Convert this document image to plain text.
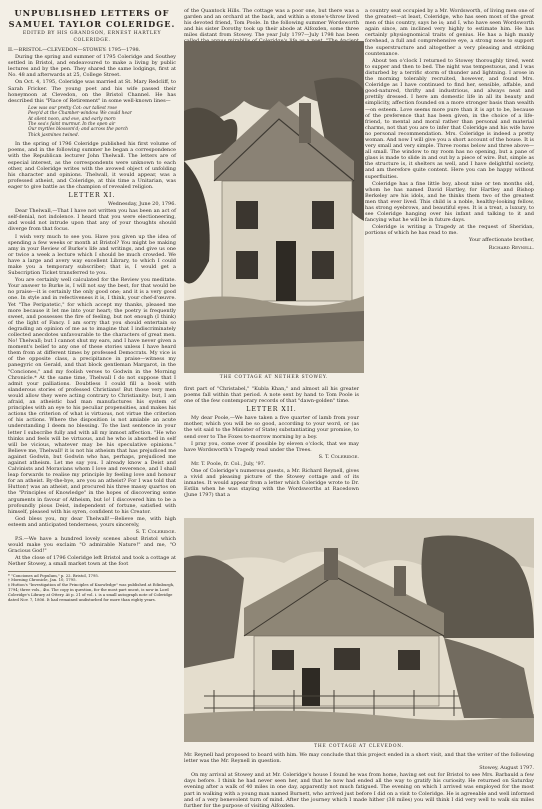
UNPUBLISHED LETTERS OF SAMUEL TAYLOR COLERIDGE.
EDITED BY HIS GRANDSON, ERNEST HARTLEY COLERIDGE.

II.—BRISTOL—CLEVEDON—STOWEY: 1795—1798.

During the spring and summer of 1795 Coleridge and Southey settled in Bristol, and endeavoured to make a living by public lectures and by the pen. They shared the same lodgings, first at No. 48 and afterwards at 25, College Street.

On Oct. 4, 1795, Coleridge was married at St. Mary Redcliff, to Sarah Fricker. The young poet and his wife passed their honeymoon at Clevedon, on the Bristol Channel. He has described this "Place of Retirement" in some well-known lines—

Low was our pretty Cot: our tallest rose
Peep'd at the Chamber-window. We could hear
At silent noon, and eve, and early morn
The sea's faint murmur. In the open air
Our myrtles blossom'd; and across the porch
Thick jasmines twined.

In the spring of 1796 Coleridge published his first volume of poems, and in the following summer he began a correspondence with the Republican lecturer John Thelwall. The letters are of especial interest, as the correspondents were unknown to each other, and Coleridge writes with the avowed object of unfolding his character and opinions. Thelwall, it would appear, was a professed atheist, and Coleridge, at this time a Unitarian, was eager to give battle as the champion of revealed religion.

LETTER XI.

Wednesday, June 20, 1796.

Dear Thelwall,—That I have not written you has been an act of self-denial, not indolence. I heard that you were electioneering, and would not intrude upon that any of your thoughts should diverge from that focus.

I wish very much to see you. Have you given up the idea of spending a few weeks or month at Bristol? You might be making amy in your Review of Burke's life and writings, and give us one or twice a week a lecture which I should be much crowded. We have a large and avery way excellent Library, to which I could make you a temporary subscriber; that is, I would get a Subscription Ticket transferred to you.

You are certainly well calculated for the Review you meditate. Your answer to Burke is, I will not say the best, for that would be no praise—it is certainly the only good one; and it is a very good one. In style and in refectiveness it is, I think, your chef-d'œuvre. Yet "The Peripatetic," for which accept my thanks, pleased me more because it let me into your heart; the poetry is frequently sweet, and possesses the fire of feeling, but not enough (I think) of the light of Fancy. I am sorry that you should entertain so degrading an opinion of me as to imagine that I indiscriminately collected anecdotes unfavourable to the characters of great men. No! Thelwall; but I cannot shut my ears, and I have never given a moment's belief to any one of these stories unless I have heard them from at different times by professed Democrats. My vice is of the opposite class, a precipitance in praise—witness my panegyric on Gerald, and that block gentleman Margarot, in the "Conciones," and my foolish verses to Godwin in the Morning Chronicle.* At the same time, Thelwall I do not suppose that I admit your palliations. Doubtless I could fill a book with slanderous stories of professed Christians! But those very men would allow they were acting contrary to Christianity: but, I am afraid, an atheistic bad man manufactures his system of principles with an eye to his peculiar propensities, and makes his actions the criterion of what is virtuous, not virtue the criterion of his actions. Where the disposition is not amiable an acute understanding I deem no blessing. To the last sentence in your letter I subscribe fully and with all my inmost affection. "He who thinks and feels will be virtuous, and he who is absorbed in self will be vicious, whatever may be his speculative opinions." Believe me, Thelwall! it is not his atheism that has prejudiced me against Godwin, but Godwin who has, perhaps, prejudiced me against atheism. Let me say you. I already know a Deist and Calvinists and Moravians whom I love and reverence, and I shall leap forwards to realise my principle by feeling love and honour for an atheist. By-the-bye, are you an atheist? For I was told that Hutton† was an atheist, and procured his three massy quartos on the "Principles of Knowledge" in the hopes of discovering some arguments in favour of Atheism, but lo! I discovered him to be a profoundly pious Deist, independent of fortune, satisfied with himself, pleased with his syren, confident to his Creator.

God bless you, my dear Thelwall!—Believe me, with high esteem and anticipated tenderness, yours sincerely,

S. T. Coleridge.

P.S.—We have a hundred lovely scenes about Bristol which would make you exclaim "O admirable Nature!" and me, "O Gracious God!"

At the close of 1796 Coleridge left Bristol and took a cottage at Nether Stowey, a small market town at the foot

* "Conciones ad Populum," p. 22. Bristol, 1795.
† Morning Chronicle, Jan. 10, 1795.
‡ Hutton's "Investigation of the Principles of Knowledge" was published at Edinburgh, 1794; three vols., 4to. The copy in question, for the most part uncut, is now in Lord Coleridge's Library at Ottery. At p. 21 of vol. i. is a small autograph note of Coleridge dated Nov. 7, 1806. It had remained undisturbed for more than eighty years.

of the Quantock Hills. The cottage was a poor one, but there was a garden and an orchard at the back, and within a stone's-throw lived his devoted friend, Tom Poole. In the following summer Wordsworth and his sister Dorothy took up their abode at Alfoxden, some three miles distant from Stowey. The year July 1797—July 1798 has been

a country seat occupied by a Mr. Wordsworth, of living men one of the greatest—at least, Coleridge, who has seen most of the great men of this country, says he is; and I, who have seen Wordsworth again since, am inclined very highly to estimate him. He has certainly physiognomical traits of genius. He has a high manly forehead, a full and comprehensive eye, a strong nose to support the superstructure and altogether a very pleasing and striking countenance.

About ten o'clock I returned to Stowey thoroughly tired, went to supper and then to bed. The night was tempestuous, and I was disturbed by a terrific storm of thunder and lightning. I arose in the morning tolerably recruited, however, and found Mrs. Coleridge as I have continued to find her, sensible, affable, and good-natured, thrifty and industrious, and always neat and prettily dressed. I here am domestic life in all its beauty and simplicity, affection founded on a more stronger basis than wealth—on esteem. Love seems more pure than it is apt to be, because of the preference that has been given, in the choice of a life-friend, to mental and moral rather than personal and material charms, not that you are to infer that Coleridge and his wife have no personal recommendation. Mrs. Coleridge is indeed a pretty woman. And now I will give you a short account of the house. It is very small and very simple. Three rooms below and three above—all small. The window to my room has no opening, but a pane of glass is made to slide in and out by a piece of wire. But, simple as the structure is, it shelters as well, and I have delightful society, and am therefore quite content. Here you can be happy without superfluities.

Coleridge has a fine little boy, about nine or ten months old, whom he has named David Hartley, for Hartley and Bishop Berkeley are his idols, and he thinks them two of the greatest men that ever lived. This child is a noble, healthy-looking fellow, has strong eyebrows, and beautiful eyes. It is a treat, a luxury, to see Coleridge hanging over his infant and talking to it and fancying what he will be in future days.

Coleridge is writing a Tragedy at the request of Sheridan, portions of which he has read to me.

Your affectionate brother,

Richard Reynell.

THE COTTAGE AT NETHER STOWEY.

first part of "Christabel," "Kubla Khan," and almost all his greater poems fall within that period. A note sent by hand to Tom Poole is one of the few contemporary records of that "dawn-golden" time.

LETTER XII.

My dear Poole,—We have taken a five quarter of lamb from your mother, which you will be so good, according to your word, or (as the wit said to the Minister of State) substantiating your promise, to send over to The Foxes to-morrow morning by a boy.

I pray you, come over if possible by eleven o'clock, that we may have Wordsworth's Tragedy read under the Trees.

S. T. Coleridge.

Mr. T. Poole, fr. Col., July, '97.

One of Coleridge's numerous guests, a Mr. Richard Reynell, gives a vivid and pleasing picture of the Stowey cottage and of its inmates. It would appear from a letter which Coleridge wrote to Dr. Estlin when he was staying with the Wordsworths at Racedown (June 1797) that a

THE COTTAGE AT CLEVEDON.

Mr. Reynell had proposed to board with him. We may conclude that this project ended in a short visit, and that the writer of the following letter was the Mr. Reynell in question.

Stowey, August 1797.

On my arrival at Stowey and at Mr. Coleridge's house I found he was from home, having set out for Bristol to see Mrs. Barbauld a few days before. I think he had never seen her, and that he now had ended all the way to gratify his curiosity. He returned on Saturday evening after a walk of 40 miles in one day, apparently not much fatigued. The evening on which I arrived was employed for the most part in walking with a young man named Burnett, who arrived just before I did on a visit to Coleridge. He is agreeable and well informed and of a very benevolent turn of mind. After the journey which I made hither (38 miles) you will think I did very well to walk six miles further for the purpose of visiting Alfoxden.
